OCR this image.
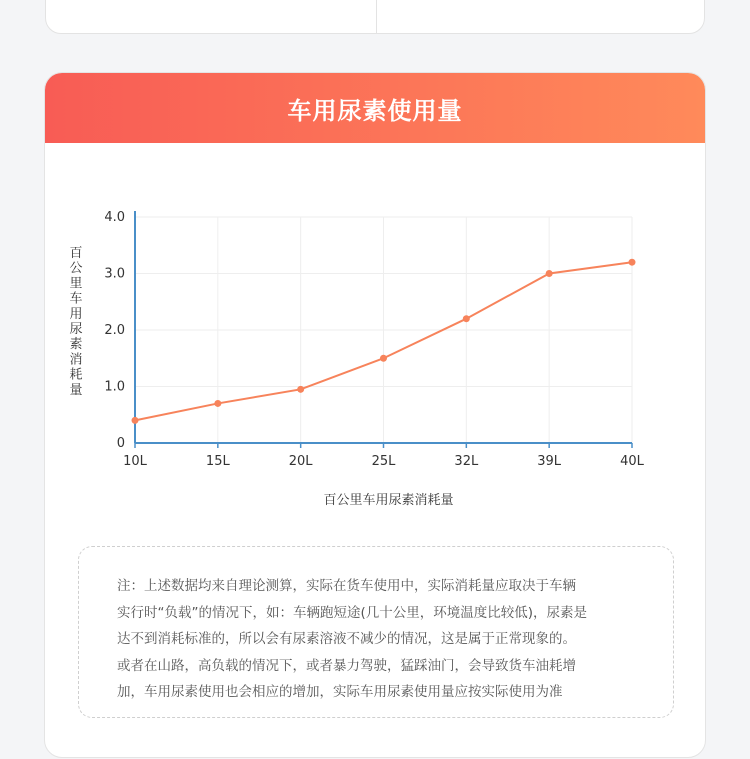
车用尿素使用量
0
1.0
2.0
3.0
4.0
10L	15L	20L	25L	32L	39L	40L
百公里车用尿素消耗量
百公里车用尿素消耗量
注：上述数据均来自理论测算，实际在货车使用中，实际消耗量应取决于车辆
实行时“负载”的情况下，如：车辆跑短途(几十公里，环境温度比较低)，尿素是
达不到消耗标准的，所以会有尿素溶液不减少的情况，这是属于正常现象的。
或者在山路，高负载的情况下，或者暴力驾驶，猛踩油门，会导致货车油耗增
加，车用尿素使用也会相应的增加，实际车用尿素使用量应按实际使用为准
